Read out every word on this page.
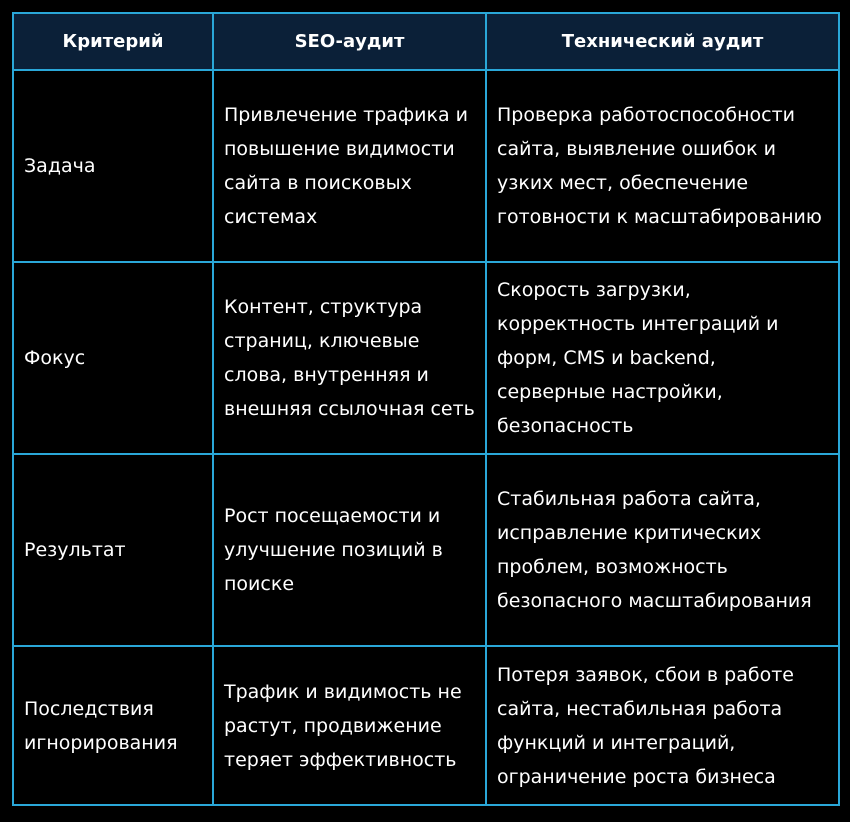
Критерий	SEO-аудит	Технический аудит
Задача	Привлечение трафика и повышение видимости сайта в поисковых системах	Проверка работоспособности сайта, выявление ошибок и узких мест, обеспечение готовности к масштабированию
Фокус	Контент, структура страниц, ключевые слова, внутренняя и внешняя ссылочная сеть	Скорость загрузки, корректность интеграций и форм, CMS и backend, серверные настройки, безопасность
Результат	Рост посещаемости и улучшение позиций в поиске	Стабильная работа сайта, исправление критических проблем, возможность безопасного масштабирования
Последствия игнорирования	Трафик и видимость не растут, продвижение теряет эффективность	Потеря заявок, сбои в работе сайта, нестабильная работа функций и интеграций, ограничение роста бизнеса
